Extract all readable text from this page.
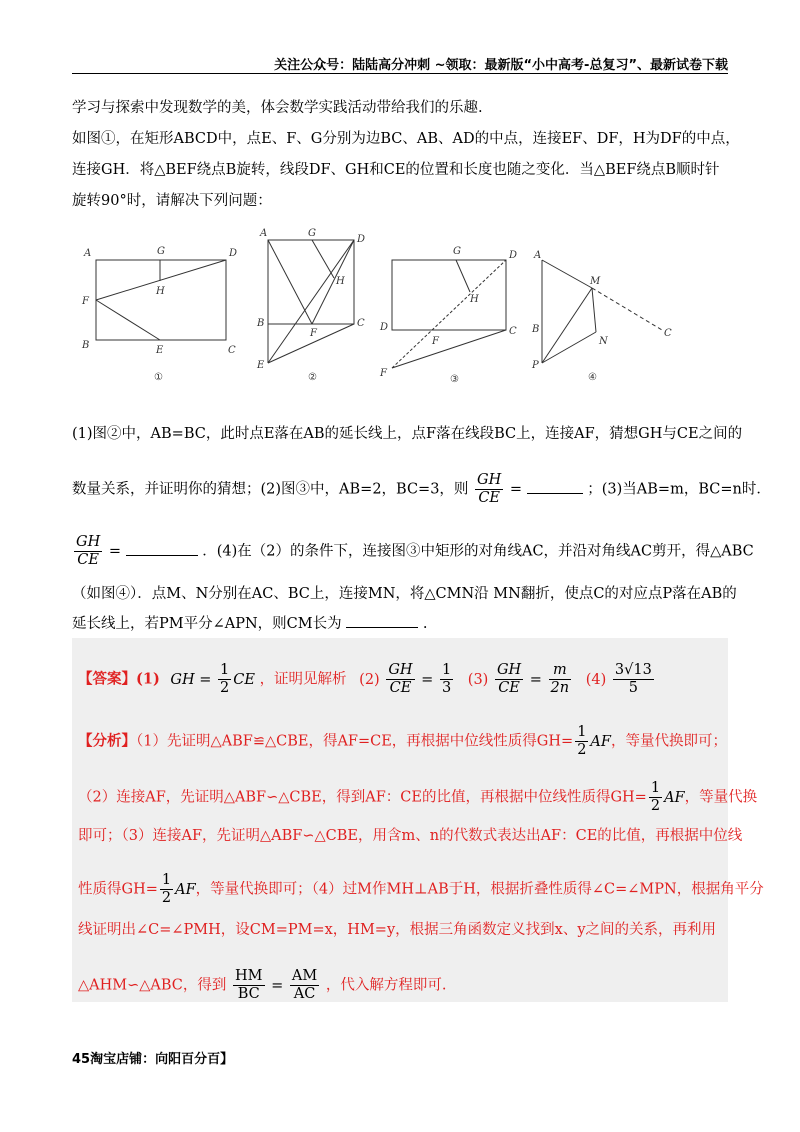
关注公众号：陆陆高分冲刺 ~领取：最新版“小中高考-总复习”、最新试卷下载
学习与探索中发现数学的美，体会数学实践活动带给我们的乐趣.
如图①，在矩形ABCD中，点E、F、G分别为边BC、AB、AD的中点，连接EF、DF，H为DF的中点，
连接GH．将△BEF绕点B旋转，线段DF、GH和CE的位置和长度也随之变化．当△BEF绕点B顺时针
旋转90°时，请解决下列问题：
A	G	D
F
H
B	E	C
①
A	G
D
H
B
F
C
E
②
G	D
H
D
F
C
F
③
A
M
B	C
N
P
④
(1)图②中，AB=BC，此时点E落在AB的延长线上，点F落在线段BC上，连接AF，猜想GH与CE之间的
数量关系，并证明你的猜想；(2)图③中，AB=2，BC=3，则 $\frac{GH}{CE}$ =	；(3)当AB=m，BC=n时．
$\frac{GH}{CE}$ =	．(4)在（2）的条件下，连接图③中矩形的对角线AC，并沿对角线AC剪开，得△ABC
（如图④）．点M、N分别在AC、BC上，连接MN，将△CMN沿 MN翻折，使点C的对应点P落在AB的
延长线上，若PM平分∠APN，则CM长为	.
【答案】(1) GH = $\frac{1}{2}$ CE ，证明见解析 $(2) \frac{GH}{CE} = \frac{1}{3} (3) \frac{GH}{CE} = \frac{m}{2n} (4) \frac{3√13}{5}$
【分析】（1）先证明△ABF≌△CBE，得AF=CE，再根据中位线性质得$GH= \frac{1}{2}$ AF，等量代换即可；
（2）连接AF，先证明△ABF∽△CBE，得到AF：CE的比值，再根据中位线性质得$GH= \frac{1}{2}$ AF，等量代换
即可；（3）连接AF，先证明△ABF∽△CBE，用含m、n的代数式表达出AF：CE的比值，再根据中位线
性质得$GH= \frac{1}{2}$ AF，等量代换即可；（4）过M作MH⊥AB于H，根据折叠性质得∠C=∠MPN，根据角平分
线证明出∠C=∠PMH，设CM=PM=x，HM=y，根据三角函数定义找到x、y之间的关系，再利用
△AHM∽△ABC，得到 $\frac{HM}{BC} = \frac{AM}{AC}$ ，代入解方程即可.
45淘宝店铺：向阳百分百】
